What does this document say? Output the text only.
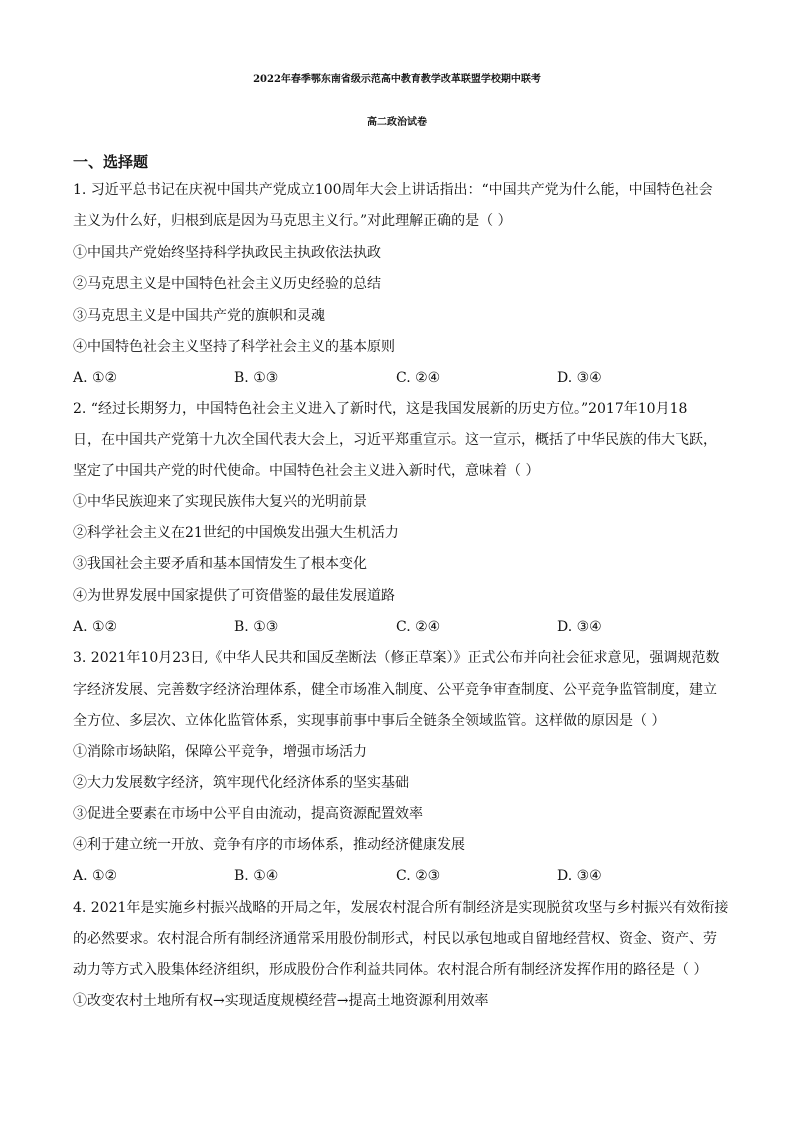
2022年春季鄂东南省级示范高中教育教学改革联盟学校期中联考
高二政治试卷
一、选择题
1. 习近平总书记在庆祝中国共产党成立100周年大会上讲话指出：“中国共产党为什么能，中国特色社会
主义为什么好，归根到底是因为马克思主义行。”对此理解正确的是（ ）
①中国共产党始终坚持科学执政民主执政依法执政
②马克思主义是中国特色社会主义历史经验的总结
③马克思主义是中国共产党的旗帜和灵魂
④中国特色社会主义坚持了科学社会主义的基本原则
A. ①②	B. ①③	C. ②④	D. ③④
2. “经过长期努力，中国特色社会主义进入了新时代，这是我国发展新的历史方位。”2017年10月18
日，在中国共产党第十九次全国代表大会上，习近平郑重宣示。这一宣示，概括了中华民族的伟大飞跃，
坚定了中国共产党的时代使命。中国特色社会主义进入新时代，意味着（ ）
①中华民族迎来了实现民族伟大复兴的光明前景
②科学社会主义在21世纪的中国焕发出强大生机活力
③我国社会主要矛盾和基本国情发生了根本变化
④为世界发展中国家提供了可资借鉴的最佳发展道路
A. ①②	B. ①③	C. ②④	D. ③④
3. 2021年10月23日,《中华人民共和国反垄断法（修正草案）》正式公布并向社会征求意见，强调规范数
字经济发展、完善数字经济治理体系，健全市场准入制度、公平竞争审查制度、公平竞争监管制度，建立
全方位、多层次、立体化监管体系，实现事前事中事后全链条全领域监管。这样做的原因是（ ）
①消除市场缺陷，保障公平竞争，增强市场活力
②大力发展数字经济，筑牢现代化经济体系的坚实基础
③促进全要素在市场中公平自由流动，提高资源配置效率
④利于建立统一开放、竞争有序的市场体系，推动经济健康发展
A. ①②	B. ①④	C. ②③	D. ③④
4. 2021年是实施乡村振兴战略的开局之年，发展农村混合所有制经济是实现脱贫攻坚与乡村振兴有效衔接
的必然要求。农村混合所有制经济通常采用股份制形式，村民以承包地或自留地经营权、资金、资产、劳
动力等方式入股集体经济组织，形成股份合作利益共同体。农村混合所有制经济发挥作用的路径是（ ）
①改变农村土地所有权→实现适度规模经营→提高土地资源利用效率
